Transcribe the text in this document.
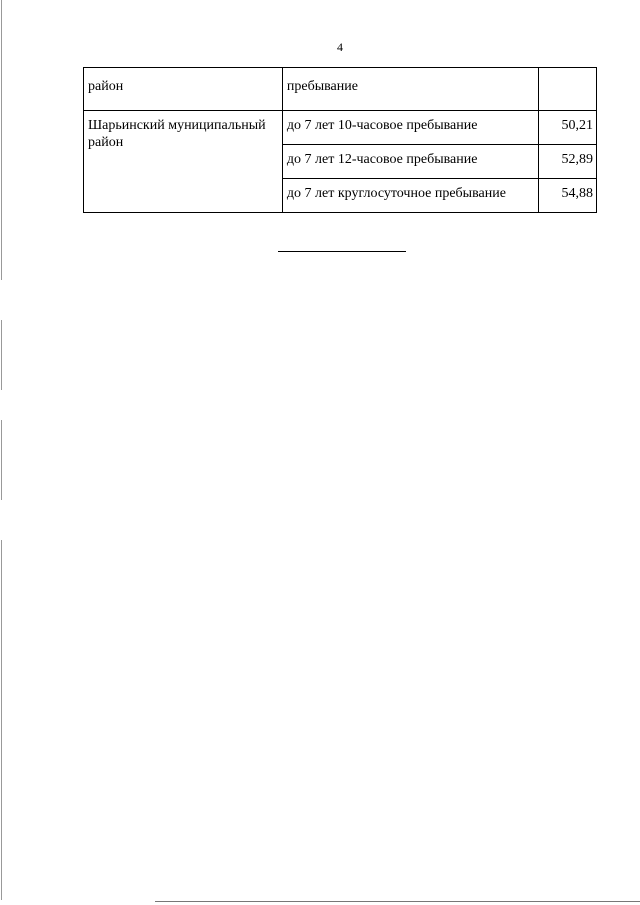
4
район	пребывание	
Шарьинский муниципальный район	до 7 лет 10-часовое пребывание	50,21
	до 7 лет 12-часовое пребывание	52,89
	до 7 лет круглосуточное пребывание	54,88
